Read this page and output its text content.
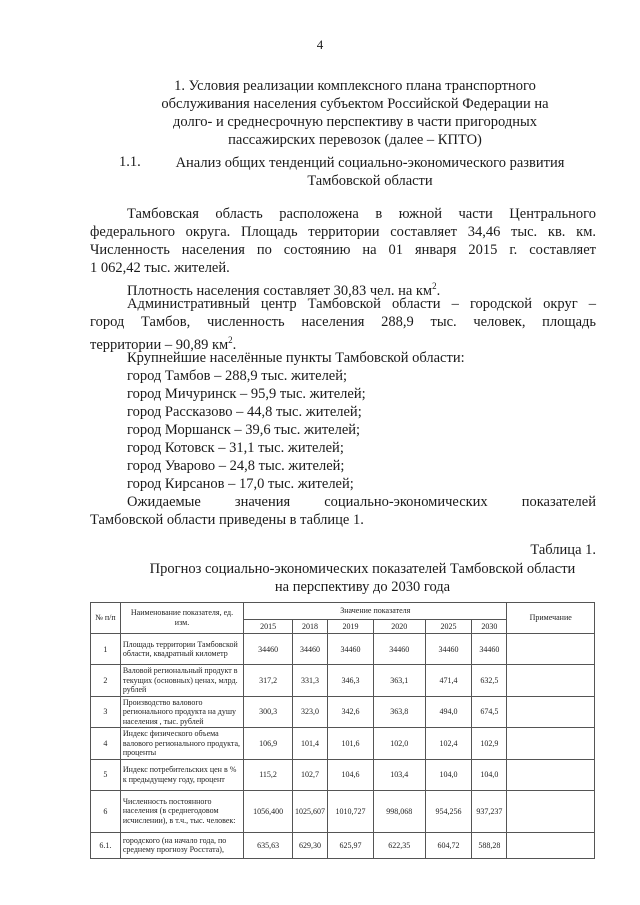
4
1. Условия реализации комплексного плана транспортного
обслуживания населения субъектом Российской Федерации на
долго- и среднесрочную перспективу в части пригородных
пассажирских перевозок (далее – КПТО)
1.1.	Анализ общих тенденций социально-экономического развития
Тамбовской области
Тамбовская область расположена в южной части Центрального
федерального округа. Площадь территории составляет 34,46 тыс. кв. км.
Численность населения по состоянию на 01 января 2015 г. составляет
1 062,42 тыс. жителей.
Плотность населения составляет 30,83 чел. на $км^2$.
Административный центр Тамбовской области – городской округ –
город Тамбов, численность населения 288,9 тыс. человек, площадь
территории – 90,89 $км^2$.
Крупнейшие населённые пункты Тамбовской области:
город Тамбов – 288,9 тыс. жителей;
город Мичуринск – 95,9 тыс. жителей;
город Рассказово – 44,8 тыс. жителей;
город Моршанск – 39,6 тыс. жителей;
город Котовск – 31,1 тыс. жителей;
город Уварово – 24,8 тыс. жителей;
город Кирсанов – 17,0 тыс. жителей;
Ожидаемые значения социально-экономических показателей
Тамбовской области приведены в таблице 1.
Таблица 1.
Прогноз социально-экономических показателей Тамбовской области
на перспективу до 2030 года
№ п/п	Наименование показателя, ед. изм.	Значение показателя						Примечание
		2015	2018	2019	2020	2025	2030	
1	Площадь территории Тамбовской области, квадратный километр	34460	34460	34460	34460	34460	34460	
2	Валовой региональный продукт в текущих (основных) ценах, млрд. рублей	317,2	331,3	346,3	363,1	471,4	632,5	
3	Производство валового регионального продукта на душу населения , тыс. рублей	300,3	323,0	342,6	363,8	494,0	674,5	
4	Индекс физического объема валового регионального продукта, проценты	106,9	101,4	101,6	102,0	102,4	102,9	
5	Индекс потребительских цен в % к предыдущему году, процент	115,2	102,7	104,6	103,4	104,0	104,0	
6	Численность постоянного населения (в среднегодовом исчислении), в т.ч., тыс. человек:	1056,400	1025,607	1010,727	998,068	954,256	937,237	
6.1.	городского (на начало года, по среднему прогнозу Росстата),	635,63	629,30	625,97	622,35	604,72	588,28	
